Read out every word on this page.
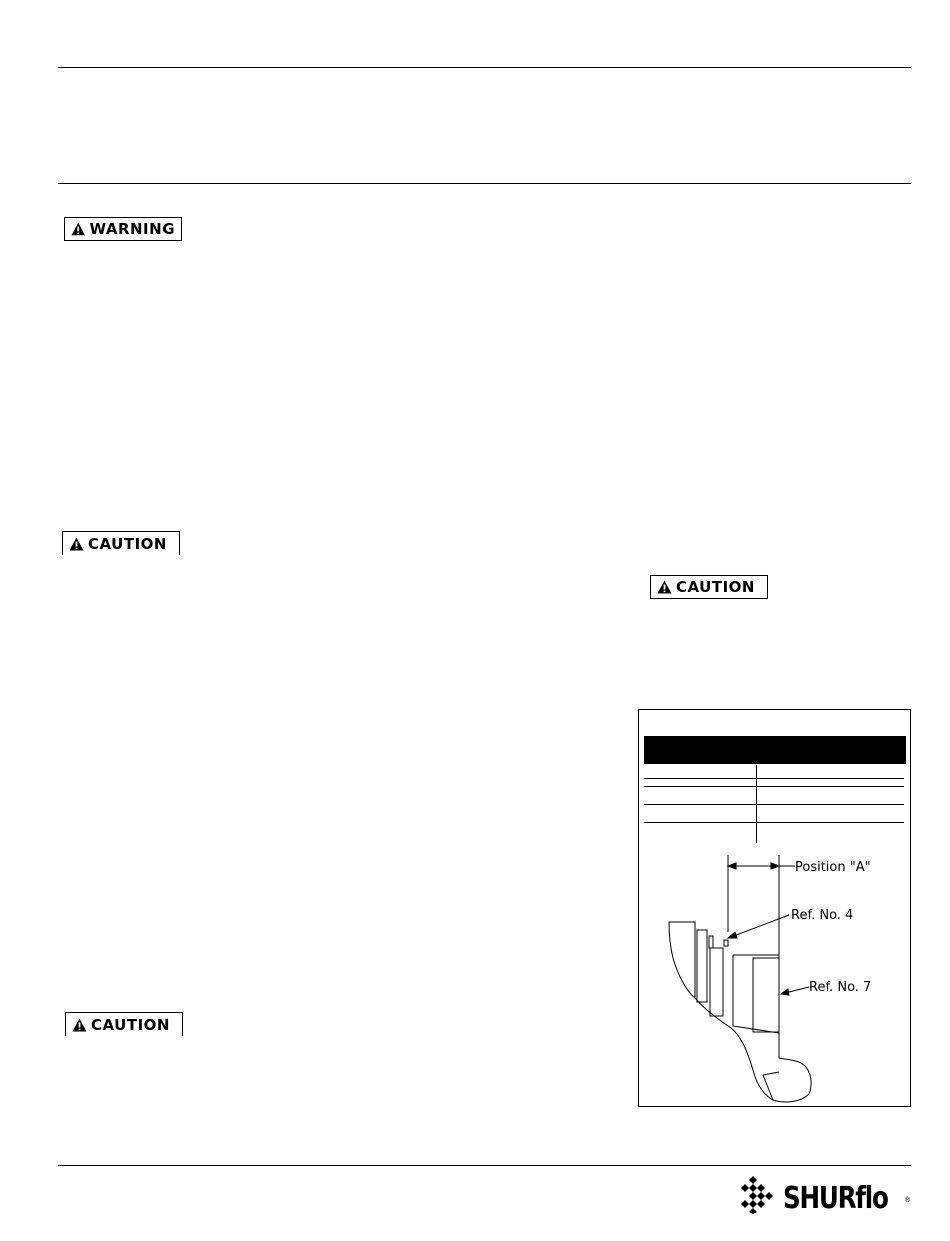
WARNING
CAUTION
CAUTION
CAUTION
Position "A"
Ref. No. 4
Ref. No. 7
SHURflo ®
